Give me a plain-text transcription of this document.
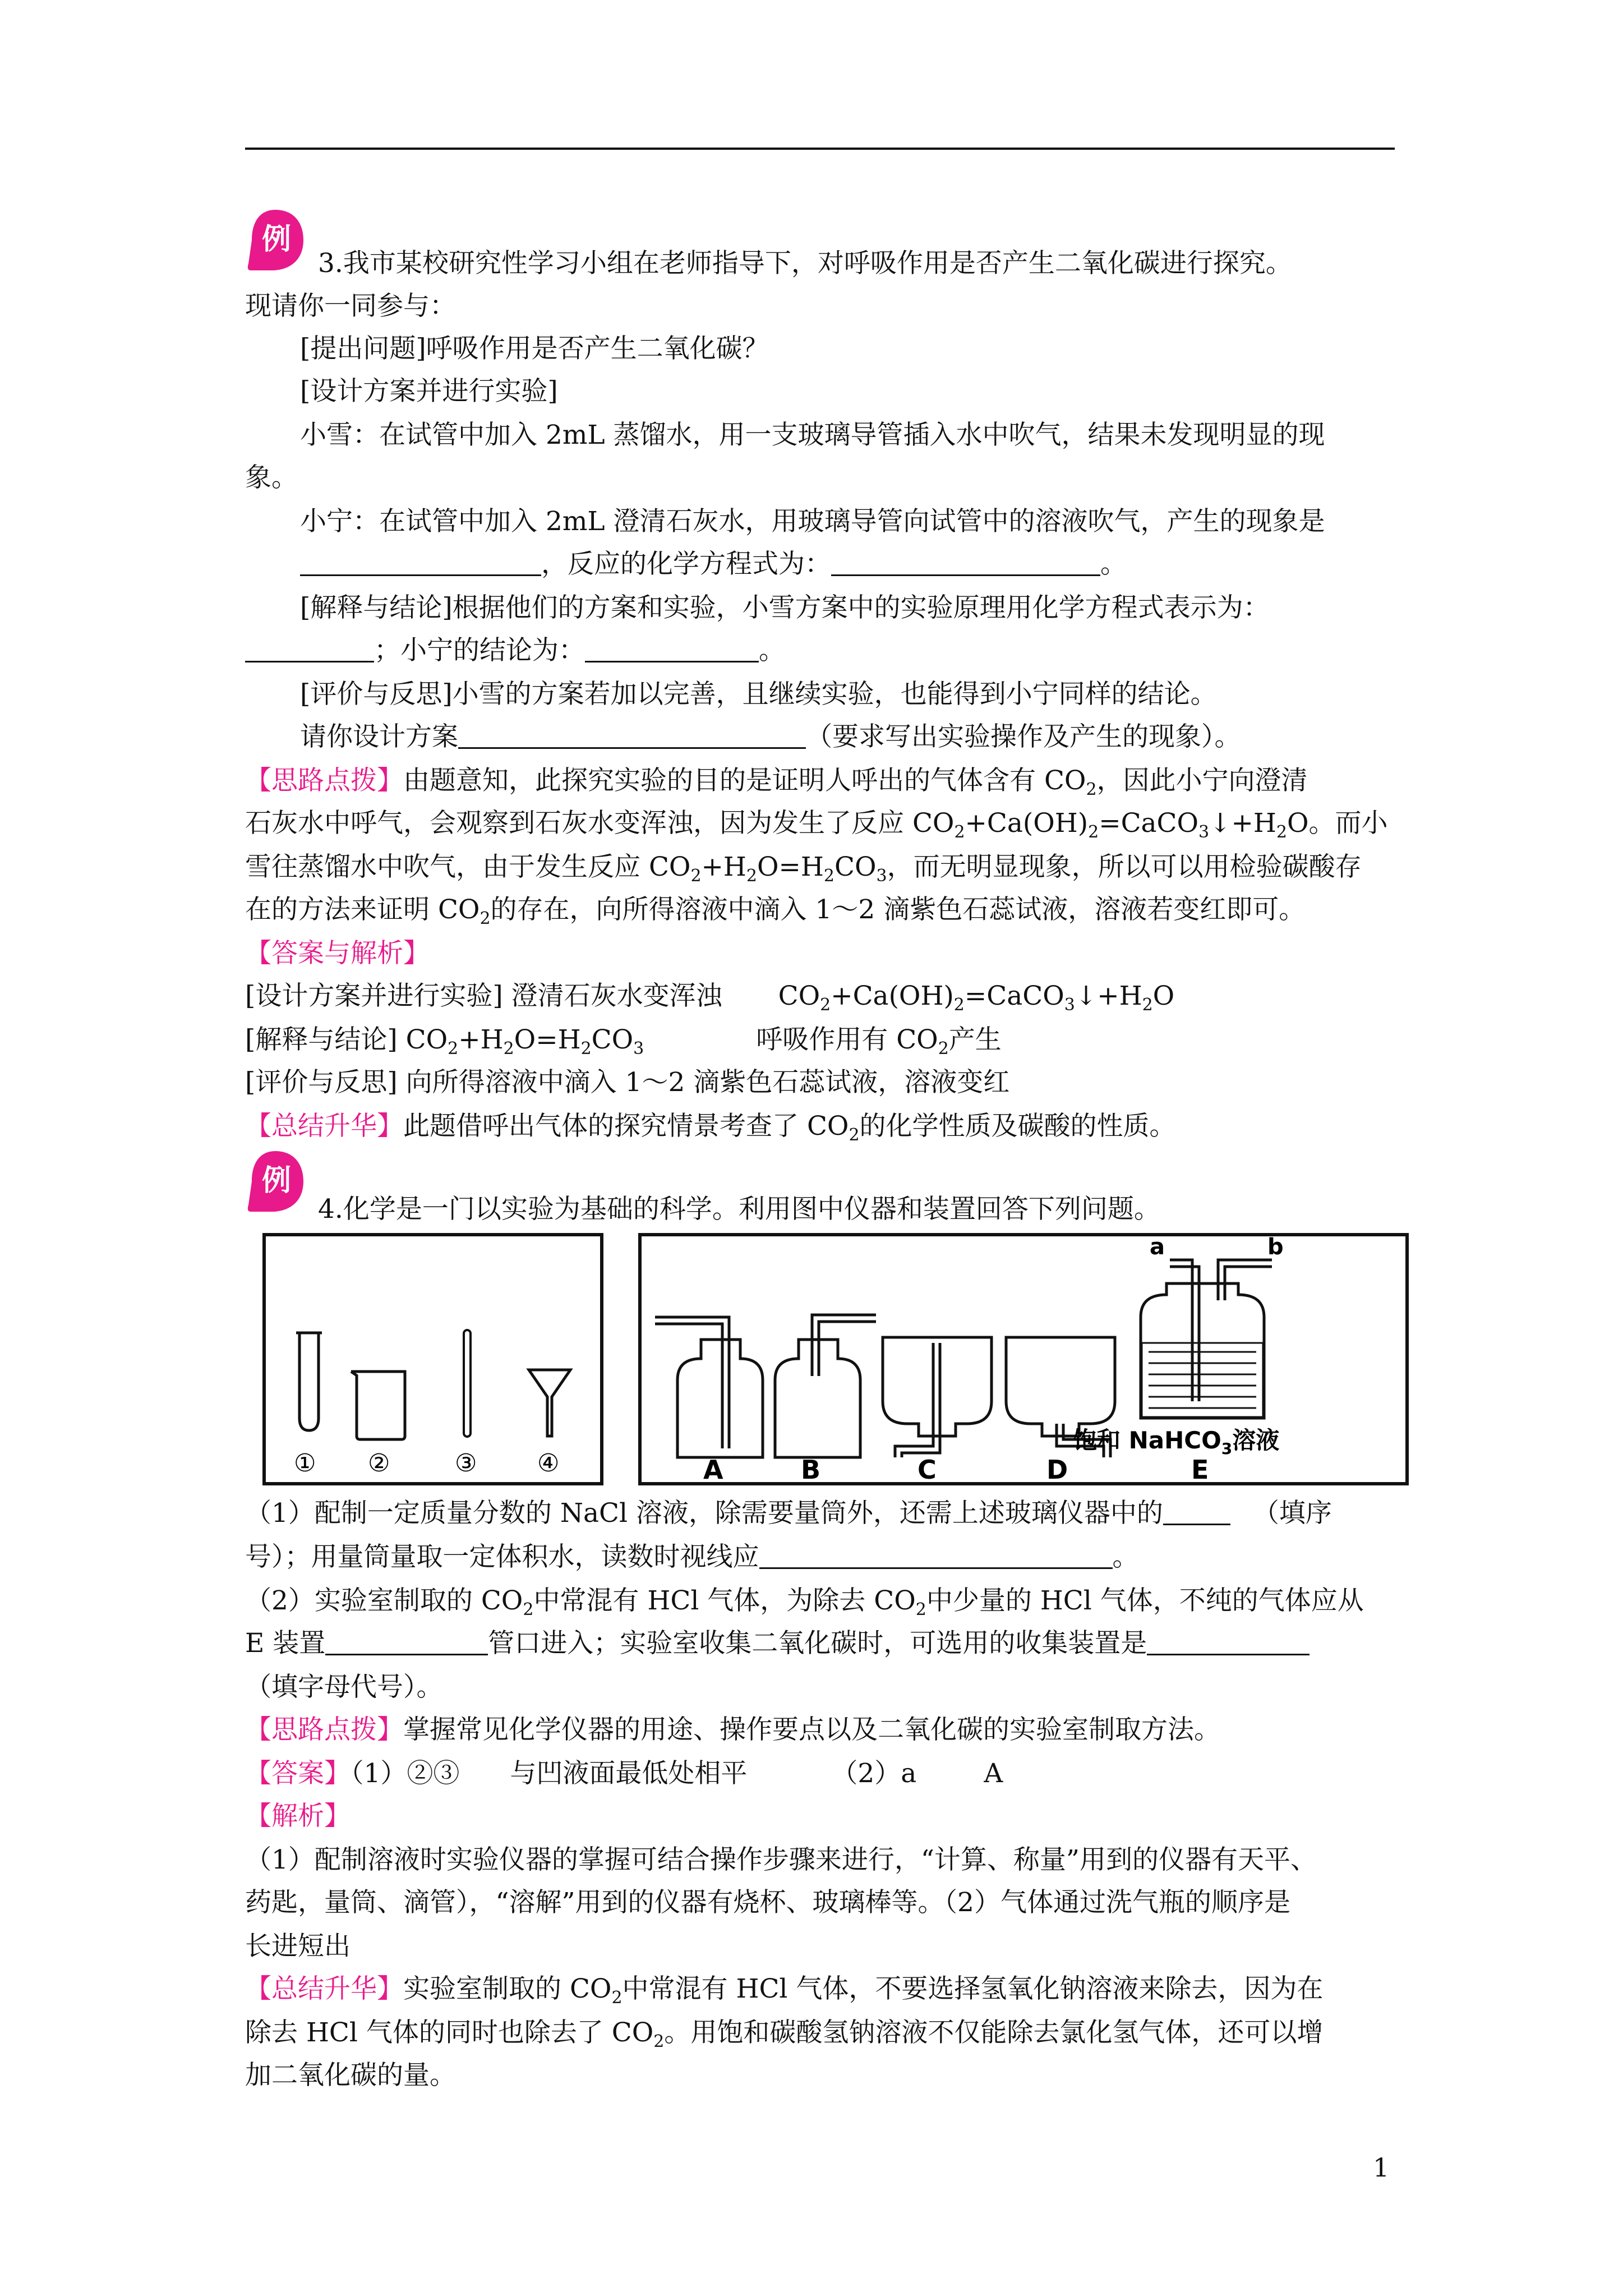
例
3.我市某校研究性学习小组在老师指导下，对呼吸作用是否产生二氧化碳进行探究。
现请你一同参与：
[提出问题]呼吸作用是否产生二氧化碳？
[设计方案并进行实验]
小雪：在试管中加入 2mL 蒸馏水，用一支玻璃导管插入水中吹气，结果未发现明显的现
象。
小宁：在试管中加入 2mL 澄清石灰水，用玻璃导管向试管中的溶液吹气，产生的现象是
，反应的化学方程式为：	。
[解释与结论]根据他们的方案和实验，小雪方案中的实验原理用化学方程式表示为：
；小宁的结论为：	。
[评价与反思]小雪的方案若加以完善，且继续实验，也能得到小宁同样的结论。
请你设计方案	（要求写出实验操作及产生的现象）。
【思路点拨】由题意知，此探究实验的目的是证明人呼出的气体含有 $CO_2$，因此小宁向澄清
石灰水中呼气，会观察到石灰水变浑浊，因为发生了反应 $CO_2+Ca(OH)_2=CaCO_3↓+H_2O$。而小
雪往蒸馏水中吹气，由于发生反应 $CO_2+H_2O=H_2CO_3$，而无明显现象，所以可以用检验碳酸存
在的方法来证明 $CO_2$的存在，向所得溶液中滴入 1～2 滴紫色石蕊试液，溶液若变红即可。
【答案与解析】
[设计方案并进行实验] 澄清石灰水变浑浊 $CO_2+Ca(OH)_2=CaCO_3↓+H_2O$
[解释与结论] $CO_2+H_2O=H_2CO_3$	呼吸作用有 $CO_2$产生
[评价与反思] 向所得溶液中滴入 1～2 滴紫色石蕊试液，溶液变红
【总结升华】此题借呼出气体的探究情景考查了 $CO_2$的化学性质及碳酸的性质。
例
4.化学是一门以实验为基础的科学。利用图中仪器和装置回答下列问题。
① ②	③ ④	A	B	C	D
a	b
饱和 NaHCO$_3$溶液
E
（1）配制一定质量分数的 NaCl 溶液，除需要量筒外，还需上述玻璃仪器中的	（填序
号）；用量筒量取一定体积水，读数时视线应	。
（2）实验室制取的 $CO_2$中常混有 HCl 气体，为除去 $CO_2$中少量的 HCl 气体，不纯的气体应从
E 装置	管口进入；实验室收集二氧化碳时，可选用的收集装置是
（填字母代号）。
【思路点拨】掌握常见化学仪器的用途、操作要点以及二氧化碳的实验室制取方法。
【答案】（1）②③ 与凹液面最低处相平	（2）a	A
【解析】
（1）配制溶液时实验仪器的掌握可结合操作步骤来进行，“计算、称量”用到的仪器有天平、
药匙，量筒、滴管），“溶解”用到的仪器有烧杯、玻璃棒等。（2）气体通过洗气瓶的顺序是
长进短出
【总结升华】实验室制取的 $CO_2$中常混有 HCl 气体，不要选择氢氧化钠溶液来除去，因为在
除去 HCl 气体的同时也除去了 $CO_2$。用饱和碳酸氢钠溶液不仅能除去氯化氢气体，还可以增
加二氧化碳的量。
1
